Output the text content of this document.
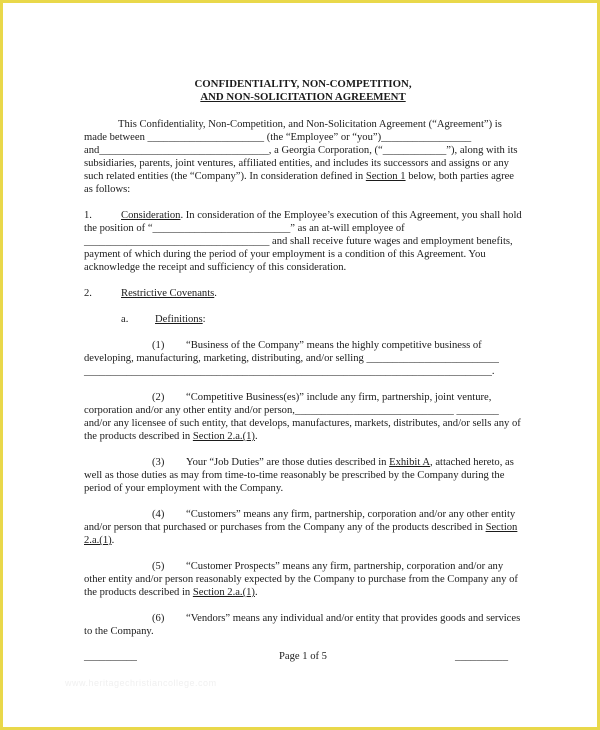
CONFIDENTIALITY, NON-COMPETITION,
AND NON-SOLICITATION AGREEMENT

This Confidentiality, Non-Competition, and Non-Solicitation Agreement (“Agreement”) is made between ______________________ (the “Employee” or “you”)_________________ and________________________________, a Georgia Corporation, (“____________”), along with its subsidiaries, parents, joint ventures, affiliated entities, and includes its successors and assigns or any such related entities (the “Company”). In consideration defined in Section 1 below, both parties agree as follows:

1.	Consideration. In consideration of the Employee’s execution of this Agreement, you shall hold the position of “__________________________” as an at-will employee of ___________________________________ and shall receive future wages and employment benefits, payment of which during the period of your employment is a condition of this Agreement. You acknowledge the receipt and sufficiency of this consideration.

2.	Restrictive Covenants.

a.	Definitions:

(1) “Business of the Company” means the highly competitive business of developing, manufacturing, marketing, distributing, and/or selling _________________________ _____________________________________________________________________________.

(2) “Competitive Business(es)” include any firm, partnership, joint venture, corporation and/or any other entity and/or person,______________________________ ________ and/or any licensee of such entity, that develops, manufactures, markets, distributes, and/or sells any of the products described in Section 2.a.(1).

(3) Your “Job Duties” are those duties described in Exhibit A, attached hereto, as well as those duties as may from time-to-time reasonably be prescribed by the Company during the period of your employment with the Company.

(4) “Customers” means any firm, partnership, corporation and/or any other entity and/or person that purchased or purchases from the Company any of the products described in Section 2.a.(1).

(5) “Customer Prospects” means any firm, partnership, corporation and/or any other entity and/or person reasonably expected by the Company to purchase from the Company any of the products described in Section 2.a.(1).

(6) “Vendors” means any individual and/or entity that provides goods and services to the Company.

__________	Page 1 of 5	__________
www.heritagechristiancollege.com
